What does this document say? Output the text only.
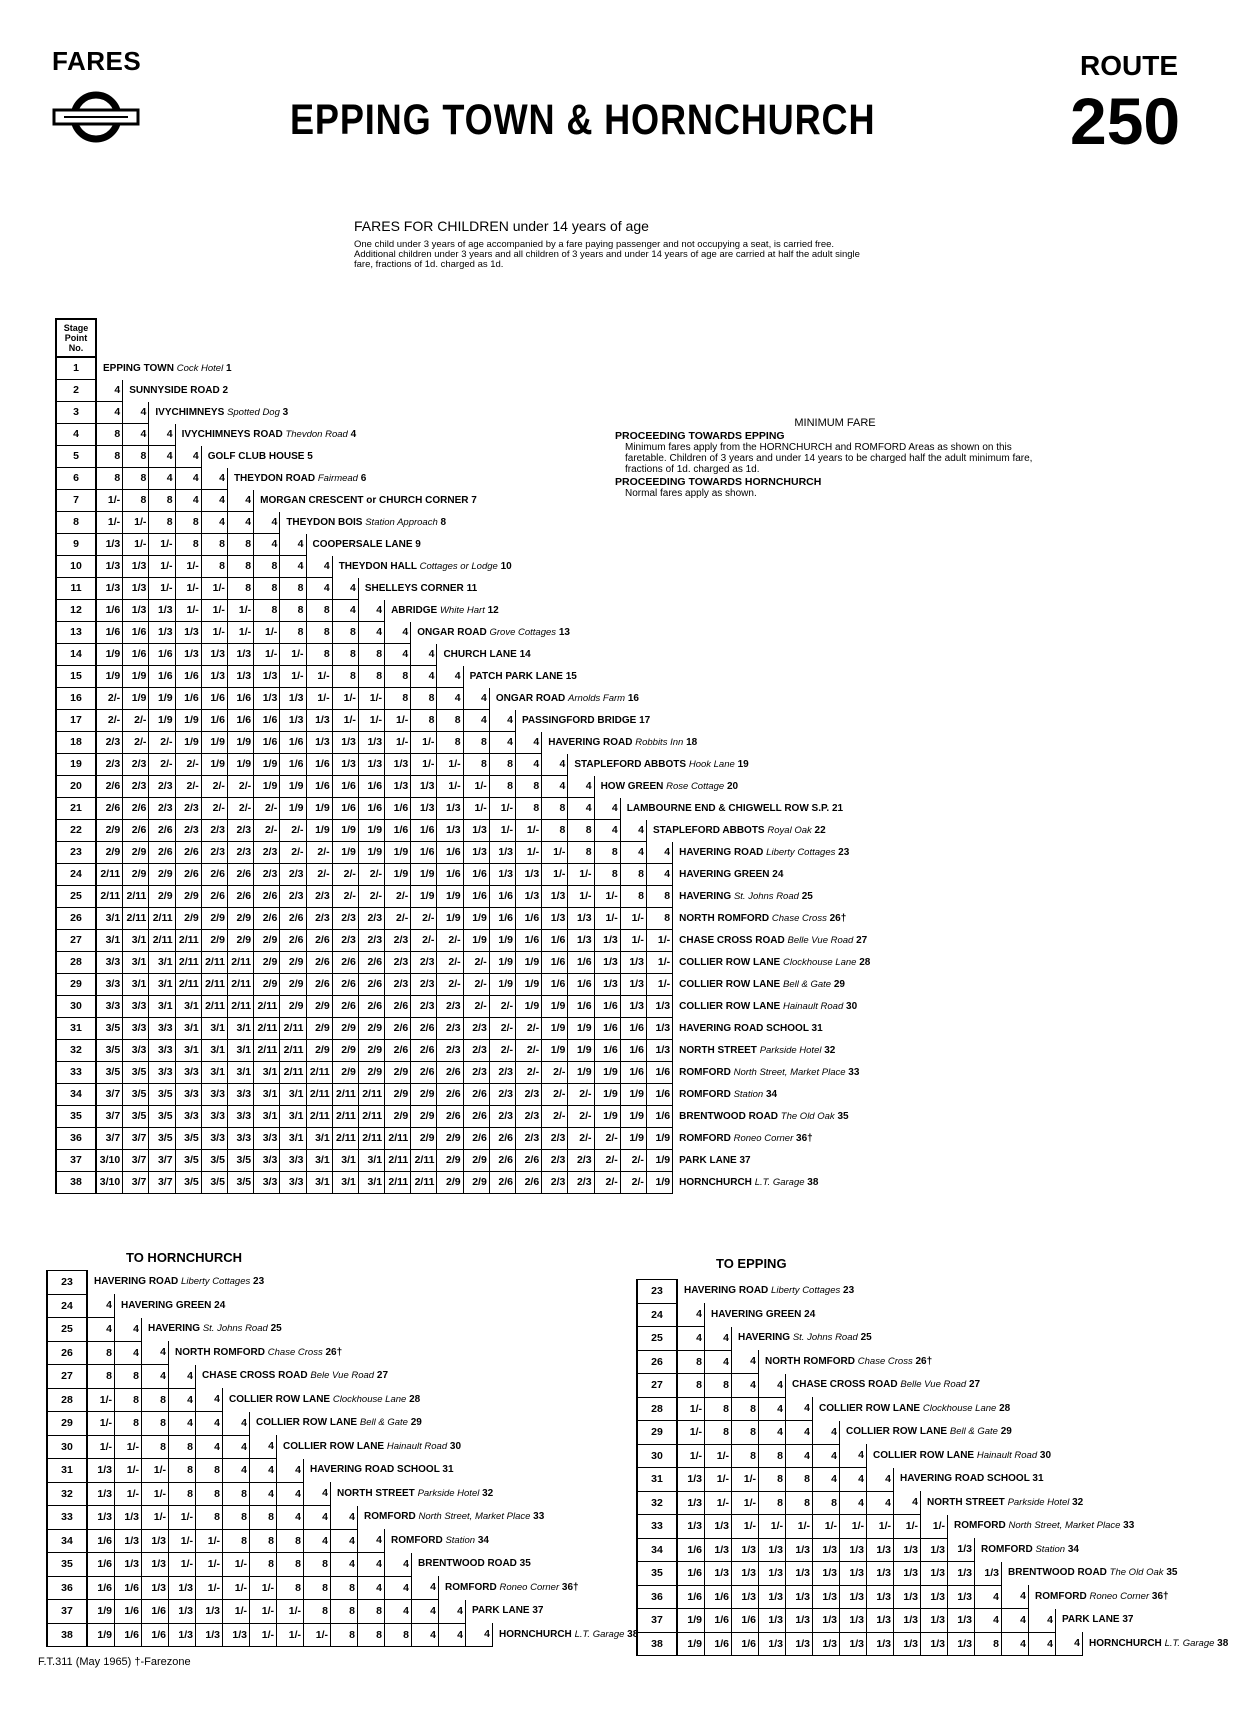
FARES
EPPING TOWN & HORNCHURCH
ROUTE
250
FARES FOR CHILDREN under 14 years of age
One child under 3 years of age accompanied by a fare paying passenger and not occupying a seat, is carried free. Additional children under 3 years and all children of 3 years and under 14 years of age are carried at half the adult single fare, fractions of 1d. charged as 1d.
MINIMUM FARE
PROCEEDING TOWARDS EPPING
Minimum fares apply from the HORNCHURCH and ROMFORD Areas as shown on this faretable. Children of 3 years and under 14 years to be charged half the adult minimum fare, fractions of 1d. charged as 1d.
PROCEEDING TOWARDS HORNCHURCH
Normal fares apply as shown.
Stage Point No.
1	EPPING TOWN Cock Hotel 1																						
2	4	SUNNYSIDE ROAD 2																					
3	4	4	IVYCHIMNEYS Spotted Dog 3																				
4	8	4	4	IVYCHIMNEYS ROAD Thevdon Road 4																			
5	8	8	4	4	GOLF CLUB HOUSE 5																		
6	8	8	4	4	4	THEYDON ROAD Fairmead 6																	
7	1/-	8	8	4	4	4	MORGAN CRESCENT or CHURCH CORNER 7																
8	1/-	1/-	8	8	4	4	4	THEYDON BOIS Station Approach 8															
9	1/3	1/-	1/-	8	8	8	4	4	COOPERSALE LANE 9														
10	1/3	1/3	1/-	1/-	8	8	8	4	4	THEYDON HALL Cottages or Lodge 10													
11	1/3	1/3	1/-	1/-	1/-	8	8	8	4	4	SHELLEYS CORNER 11												
12	1/6	1/3	1/3	1/-	1/-	1/-	8	8	8	4	4	ABRIDGE White Hart 12											
13	1/6	1/6	1/3	1/3	1/-	1/-	1/-	8	8	8	4	4	ONGAR ROAD Grove Cottages 13										
14	1/9	1/6	1/6	1/3	1/3	1/3	1/-	1/-	8	8	8	4	4	CHURCH LANE 14									
15	1/9	1/9	1/6	1/6	1/3	1/3	1/3	1/-	1/-	8	8	8	4	4	PATCH PARK LANE 15								
16	2/-	1/9	1/9	1/6	1/6	1/6	1/3	1/3	1/-	1/-	1/-	8	8	4	4	ONGAR ROAD Arnolds Farm 16							
17	2/-	2/-	1/9	1/9	1/6	1/6	1/6	1/3	1/3	1/-	1/-	1/-	8	8	4	4	PASSINGFORD BRIDGE 17						
18	2/3	2/-	2/-	1/9	1/9	1/9	1/6	1/6	1/3	1/3	1/3	1/-	1/-	8	8	4	4	HAVERING ROAD Robbits Inn 18					
19	2/3	2/3	2/-	2/-	1/9	1/9	1/9	1/6	1/6	1/3	1/3	1/3	1/-	1/-	8	8	4	4	STAPLEFORD ABBOTS Hook Lane 19				
20	2/6	2/3	2/3	2/-	2/-	2/-	1/9	1/9	1/6	1/6	1/6	1/3	1/3	1/-	1/-	8	8	4	4	HOW GREEN Rose Cottage 20			
21	2/6	2/6	2/3	2/3	2/-	2/-	2/-	1/9	1/9	1/6	1/6	1/6	1/3	1/3	1/-	1/-	8	8	4	4	LAMBOURNE END & CHIGWELL ROW S.P. 21		
22	2/9	2/6	2/6	2/3	2/3	2/3	2/-	2/-	1/9	1/9	1/9	1/6	1/6	1/3	1/3	1/-	1/-	8	8	4	4	STAPLEFORD ABBOTS Royal Oak 22	
23	2/9	2/9	2/6	2/6	2/3	2/3	2/3	2/-	2/-	1/9	1/9	1/9	1/6	1/6	1/3	1/3	1/-	1/-	8	8	4	4	HAVERING ROAD Liberty Cottages 23
24	2/11	2/9	2/9	2/6	2/6	2/6	2/3	2/3	2/-	2/-	2/-	1/9	1/9	1/6	1/6	1/3	1/3	1/-	1/-	8	8	4	HAVERING GREEN 24
25	2/11	2/11	2/9	2/9	2/6	2/6	2/6	2/3	2/3	2/-	2/-	2/-	1/9	1/9	1/6	1/6	1/3	1/3	1/-	1/-	8	8	HAVERING St. Johns Road 25
26	3/1	2/11	2/11	2/9	2/9	2/9	2/6	2/6	2/3	2/3	2/3	2/-	2/-	1/9	1/9	1/6	1/6	1/3	1/3	1/-	1/-	8	NORTH ROMFORD Chase Cross 26†
27	3/1	3/1	2/11	2/11	2/9	2/9	2/9	2/6	2/6	2/3	2/3	2/3	2/-	2/-	1/9	1/9	1/6	1/6	1/3	1/3	1/-	1/-	CHASE CROSS ROAD Belle Vue Road 27
28	3/3	3/1	3/1	2/11	2/11	2/11	2/9	2/9	2/6	2/6	2/6	2/3	2/3	2/-	2/-	1/9	1/9	1/6	1/6	1/3	1/3	1/-	COLLIER ROW LANE Clockhouse Lane 28
29	3/3	3/1	3/1	2/11	2/11	2/11	2/9	2/9	2/6	2/6	2/6	2/3	2/3	2/-	2/-	1/9	1/9	1/6	1/6	1/3	1/3	1/-	COLLIER ROW LANE Bell & Gate 29
30	3/3	3/3	3/1	3/1	2/11	2/11	2/11	2/9	2/9	2/6	2/6	2/6	2/3	2/3	2/-	2/-	1/9	1/9	1/6	1/6	1/3	1/3	COLLIER ROW LANE Hainault Road 30
31	3/5	3/3	3/3	3/1	3/1	3/1	2/11	2/11	2/9	2/9	2/9	2/6	2/6	2/3	2/3	2/-	2/-	1/9	1/9	1/6	1/6	1/3	HAVERING ROAD SCHOOL 31
32	3/5	3/3	3/3	3/1	3/1	3/1	2/11	2/11	2/9	2/9	2/9	2/6	2/6	2/3	2/3	2/-	2/-	1/9	1/9	1/6	1/6	1/3	NORTH STREET Parkside Hotel 32
33	3/5	3/5	3/3	3/3	3/1	3/1	3/1	2/11	2/11	2/9	2/9	2/9	2/6	2/6	2/3	2/3	2/-	2/-	1/9	1/9	1/6	1/6	ROMFORD North Street, Market Place 33
34	3/7	3/5	3/5	3/3	3/3	3/3	3/1	3/1	2/11	2/11	2/11	2/9	2/9	2/6	2/6	2/3	2/3	2/-	2/-	1/9	1/9	1/6	ROMFORD Station 34
35	3/7	3/5	3/5	3/3	3/3	3/3	3/1	3/1	2/11	2/11	2/11	2/9	2/9	2/6	2/6	2/3	2/3	2/-	2/-	1/9	1/9	1/6	BRENTWOOD ROAD The Old Oak 35
36	3/7	3/7	3/5	3/5	3/3	3/3	3/3	3/1	3/1	2/11	2/11	2/11	2/9	2/9	2/6	2/6	2/3	2/3	2/-	2/-	1/9	1/9	ROMFORD Roneo Corner 36†
37	3/10	3/7	3/7	3/5	3/5	3/5	3/3	3/3	3/1	3/1	3/1	2/11	2/11	2/9	2/9	2/6	2/6	2/3	2/3	2/-	2/-	1/9	PARK LANE 37
38	3/10	3/7	3/7	3/5	3/5	3/5	3/3	3/3	3/1	3/1	3/1	2/11	2/11	2/9	2/9	2/6	2/6	2/3	2/3	2/-	2/-	1/9	HORNCHURCH L.T. Garage 38
TO HORNCHURCH
23	HAVERING ROAD Liberty Cottages 23															
24	4	HAVERING GREEN 24														
25	4	4	HAVERING St. Johns Road 25													
26	8	4	4	NORTH ROMFORD Chase Cross 26†												
27	8	8	4	4	CHASE CROSS ROAD Bele Vue Road 27											
28	1/-	8	8	4	4	COLLIER ROW LANE Clockhouse Lane 28										
29	1/-	8	8	4	4	4	COLLIER ROW LANE Bell & Gate 29									
30	1/-	1/-	8	8	4	4	4	COLLIER ROW LANE Hainault Road 30								
31	1/3	1/-	1/-	8	8	4	4	4	HAVERING ROAD SCHOOL 31							
32	1/3	1/-	1/-	8	8	8	4	4	4	NORTH STREET Parkside Hotel 32						
33	1/3	1/3	1/-	1/-	8	8	8	4	4	4	ROMFORD North Street, Market Place 33					
34	1/6	1/3	1/3	1/-	1/-	8	8	8	4	4	4	ROMFORD Station 34				
35	1/6	1/3	1/3	1/-	1/-	1/-	8	8	8	4	4	4	BRENTWOOD ROAD 35			
36	1/6	1/6	1/3	1/3	1/-	1/-	1/-	8	8	8	4	4	4	ROMFORD Roneo Corner 36†		
37	1/9	1/6	1/6	1/3	1/3	1/-	1/-	1/-	8	8	8	4	4	4	PARK LANE 37	
38	1/9	1/6	1/6	1/3	1/3	1/3	1/-	1/-	1/-	8	8	8	4	4	4	HORNCHURCH L.T. Garage 38
TO EPPING
23	HAVERING ROAD Liberty Cottages 23															
24	4	HAVERING GREEN 24														
25	4	4	HAVERING St. Johns Road 25													
26	8	4	4	NORTH ROMFORD Chase Cross 26†												
27	8	8	4	4	CHASE CROSS ROAD Belle Vue Road 27											
28	1/-	8	8	4	4	COLLIER ROW LANE Clockhouse Lane 28										
29	1/-	8	8	4	4	4	COLLIER ROW LANE Bell & Gate 29									
30	1/-	1/-	8	8	4	4	4	COLLIER ROW LANE Hainault Road 30								
31	1/3	1/-	1/-	8	8	4	4	4	HAVERING ROAD SCHOOL 31							
32	1/3	1/-	1/-	8	8	8	4	4	4	NORTH STREET Parkside Hotel 32						
33	1/3	1/3	1/-	1/-	1/-	1/-	1/-	1/-	1/-	1/-	ROMFORD North Street, Market Place 33					
34	1/6	1/3	1/3	1/3	1/3	1/3	1/3	1/3	1/3	1/3	1/3	ROMFORD Station 34				
35	1/6	1/3	1/3	1/3	1/3	1/3	1/3	1/3	1/3	1/3	1/3	1/3	BRENTWOOD ROAD The Old Oak 35			
36	1/6	1/6	1/3	1/3	1/3	1/3	1/3	1/3	1/3	1/3	1/3	4	4	ROMFORD Roneo Corner 36†		
37	1/9	1/6	1/6	1/3	1/3	1/3	1/3	1/3	1/3	1/3	1/3	4	4	4	PARK LANE 37	
38	1/9	1/6	1/6	1/3	1/3	1/3	1/3	1/3	1/3	1/3	1/3	8	4	4	4	HORNCHURCH L.T. Garage 38
F.T.311 (May 1965) †-Farezone
